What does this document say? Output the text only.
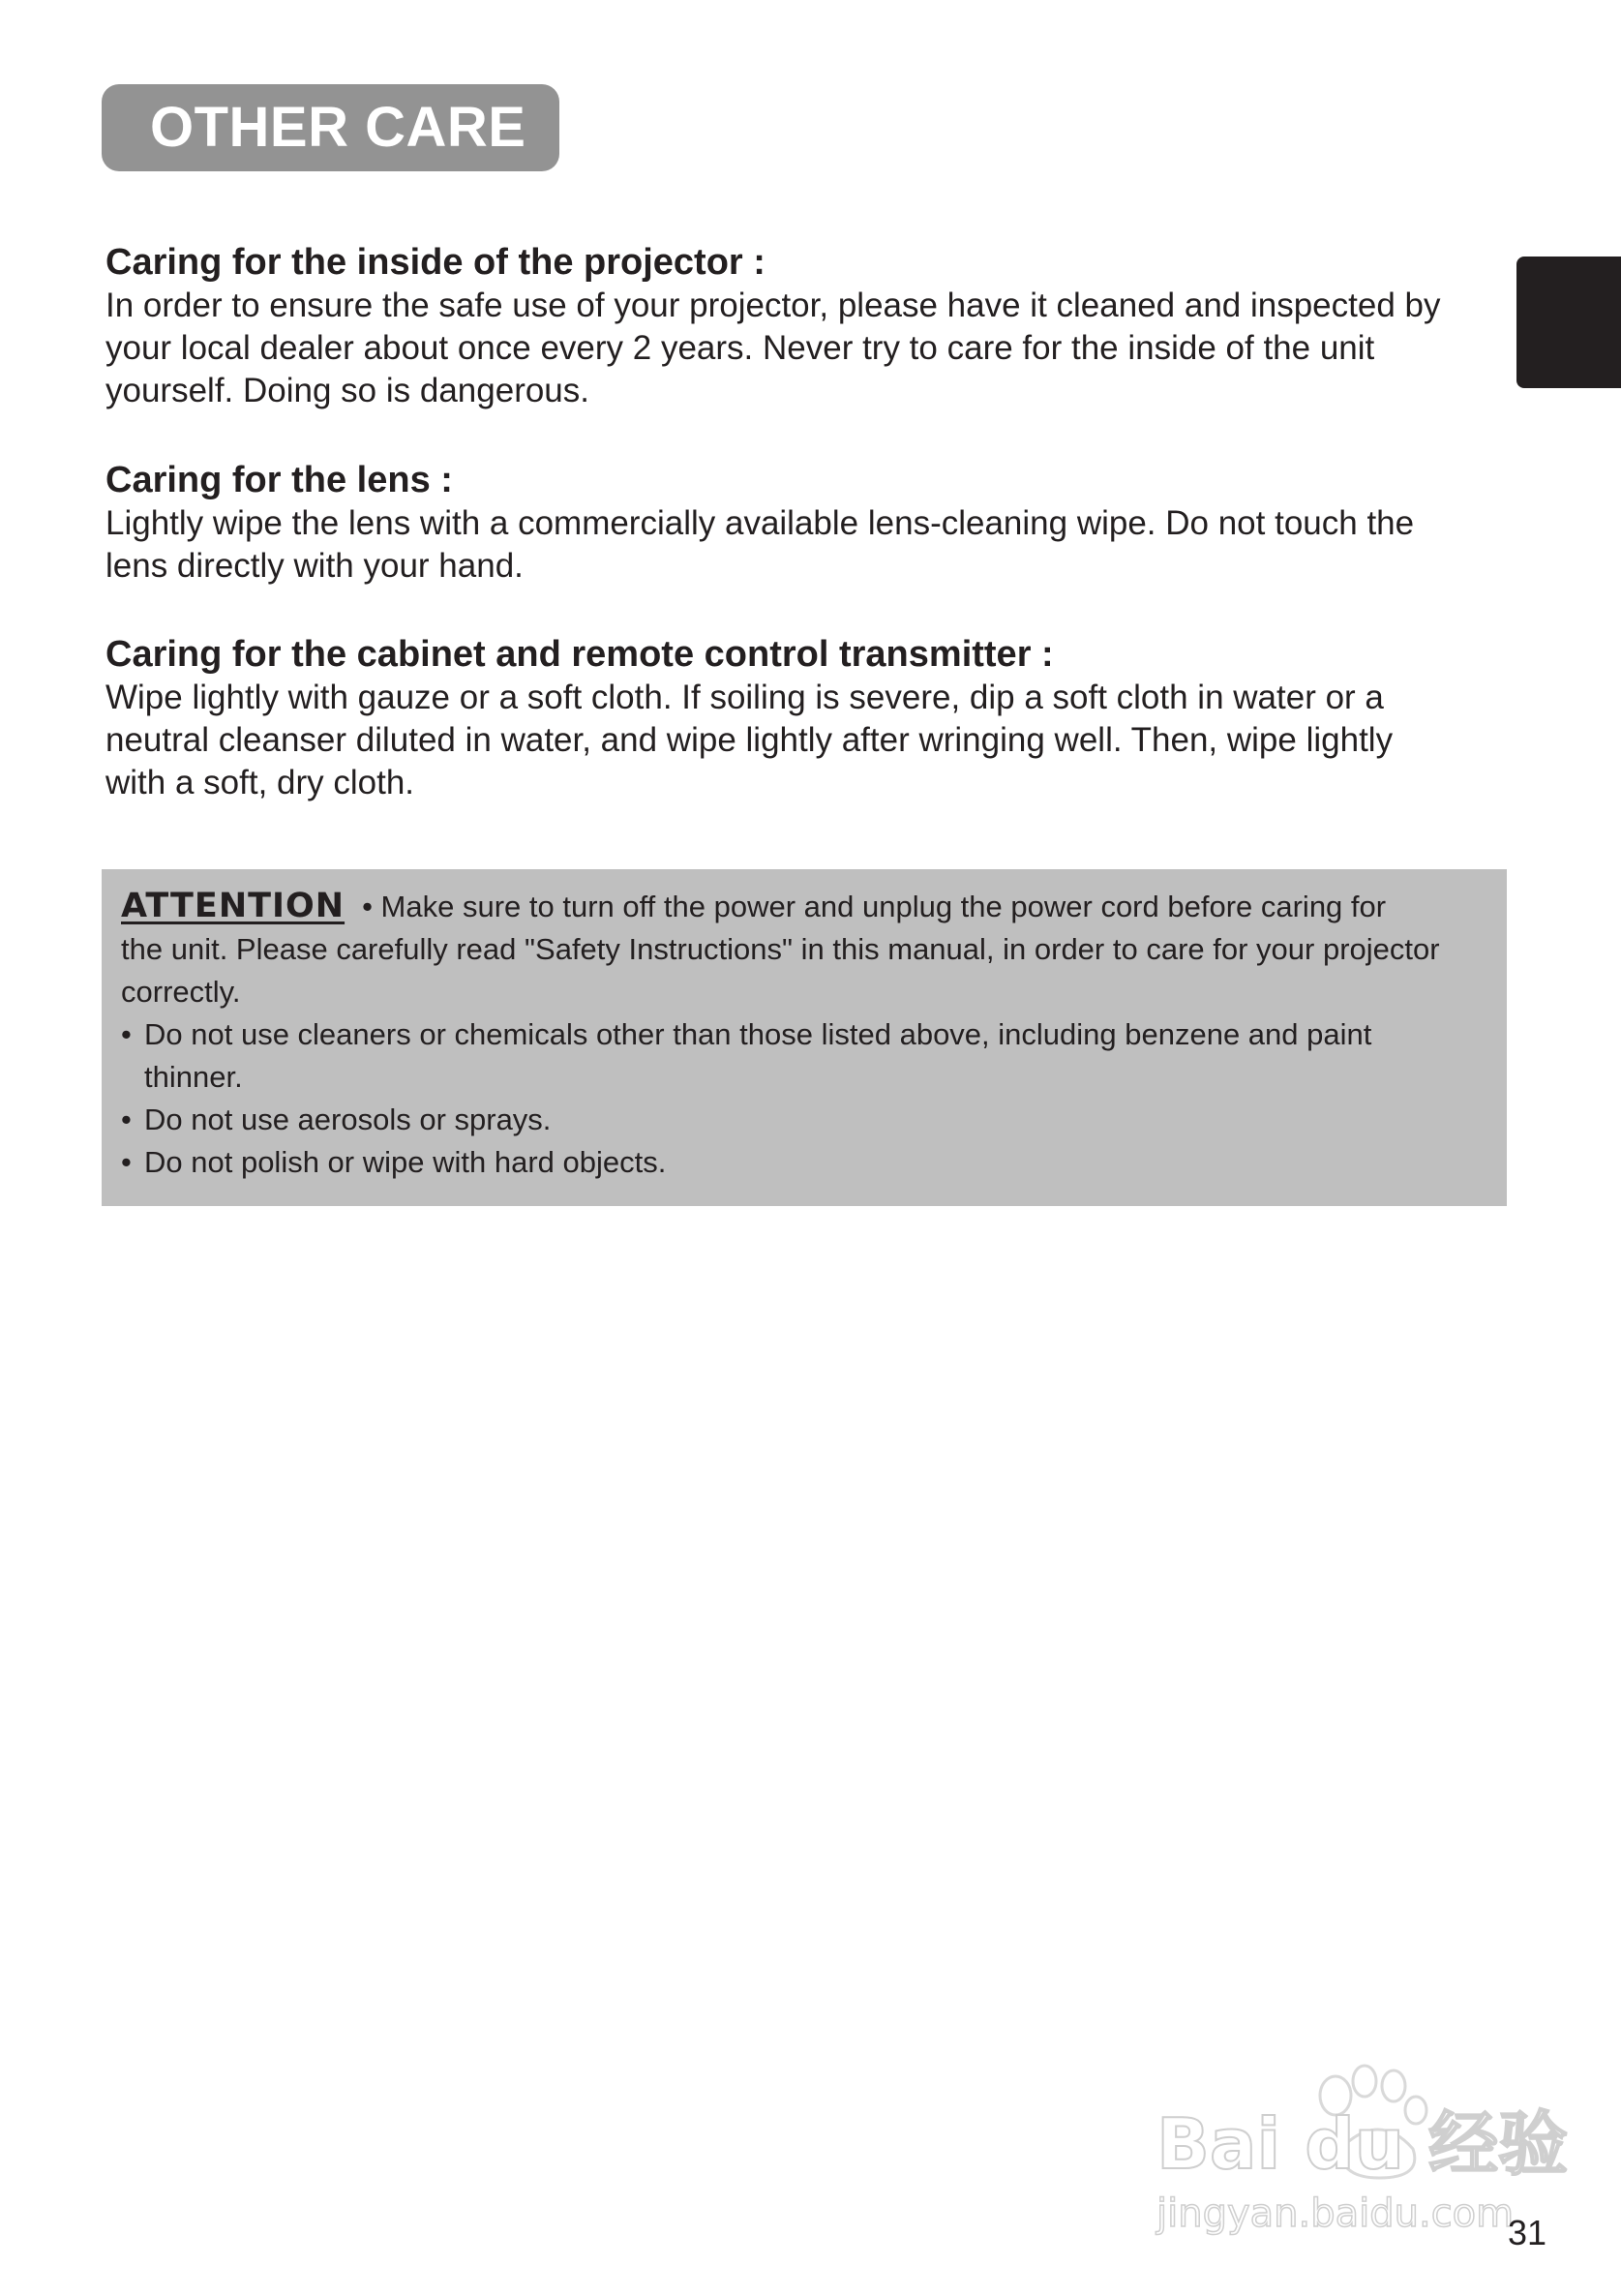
OTHER CARE
Caring for the inside of the projector :

In order to ensure the safe use of your projector, please have it cleaned and inspected by

your local dealer about once every 2 years. Never try to care for the inside of the unit

yourself. Doing so is dangerous.

Caring for the lens :

Lightly wipe the lens with a commercially available lens-cleaning wipe. Do not touch the

lens directly with your hand.

Caring for the cabinet and remote control transmitter :

Wipe lightly with gauze or a soft cloth. If soiling is severe, dip a soft cloth in water or a

neutral cleanser diluted in water, and wipe lightly after wringing well. Then, wipe lightly

with a soft, dry cloth.

ATTENTION • Make sure to turn off the power and unplug the power cord before caring for
the unit. Please carefully read "Safety Instructions" in this manual, in order to care for your projector
correctly.
• Do not use cleaners or chemicals other than those listed above, including benzene and paint
thinner.
• Do not use aerosols or sprays.
• Do not polish or wipe with hard objects.
Bai du 经验
jingyan.baidu.com
31
